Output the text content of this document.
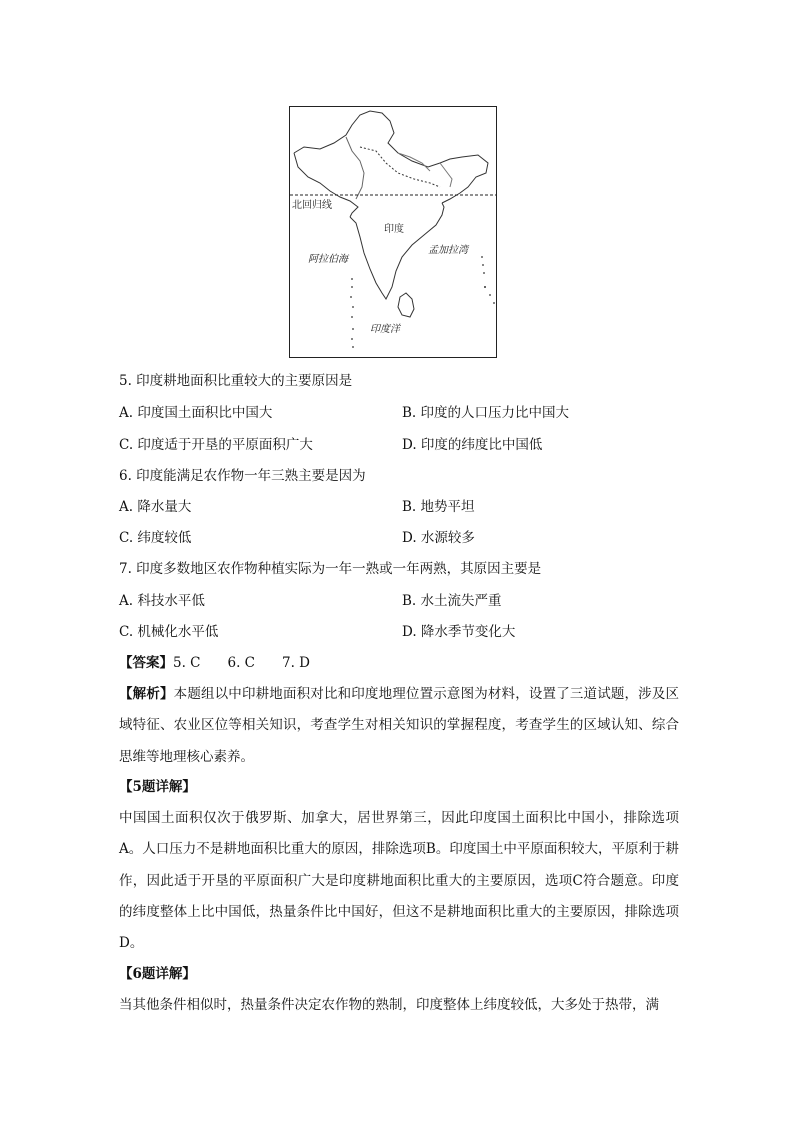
北回归线
印度
阿拉伯海
孟加拉湾
印度洋
5. 印度耕地面积比重较大的主要原因是
A. 印度国土面积比中国大	B. 印度的人口压力比中国大
C. 印度适于开垦的平原面积广大	D. 印度的纬度比中国低
6. 印度能满足农作物一年三熟主要是因为
A. 降水量大	B. 地势平坦
C. 纬度较低	D. 水源较多
7. 印度多数地区农作物种植实际为一年一熟或一年两熟，其原因主要是
A. 科技水平低	B. 水土流失严重
C. 机械化水平低	D. 降水季节变化大
【答案】5. C　　6. C　　7. D
【解析】本题组以中印耕地面积对比和印度地理位置示意图为材料，设置了三道试题，涉及区域特征、农业区位等相关知识，考查学生对相关知识的掌握程度，考查学生的区域认知、综合思维等地理核心素养。
【5题详解】
中国国土面积仅次于俄罗斯、加拿大，居世界第三，因此印度国土面积比中国小，排除选项A。人口压力不是耕地面积比重大的原因，排除选项B。印度国土中平原面积较大，平原利于耕作，因此适于开垦的平原面积广大是印度耕地面积比重大的主要原因，选项C符合题意。印度的纬度整体上比中国低，热量条件比中国好，但这不是耕地面积比重大的主要原因，排除选项D。
【6题详解】
当其他条件相似时，热量条件决定农作物的熟制，印度整体上纬度较低，大多处于热带，满
